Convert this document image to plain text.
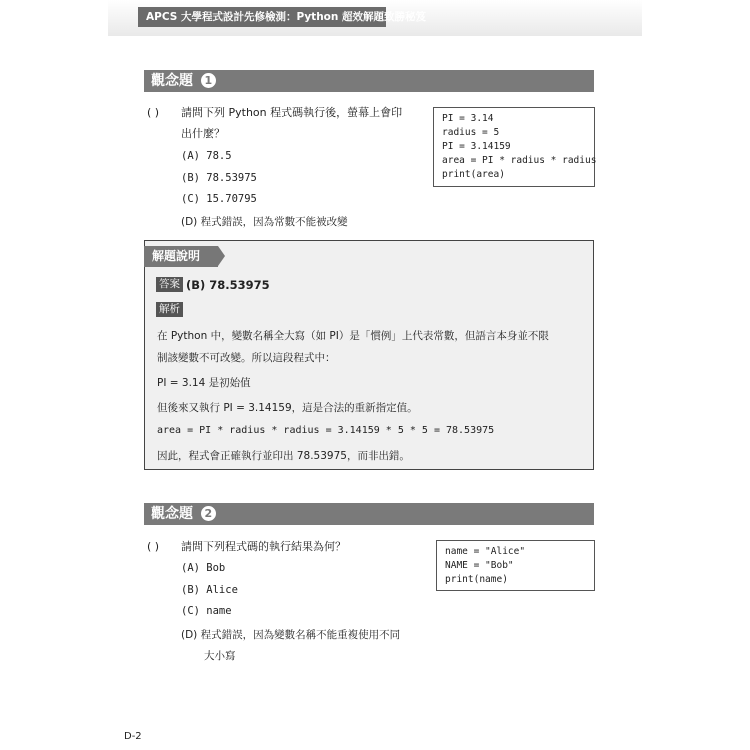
APCS 大學程式設計先修檢測：Python 超效解題致勝秘笈
觀念題 1
( ) 請問下列 Python 程式碼執行後，螢幕上會印
出什麼？
(A) 78.5
(B) 78.53975
(C) 15.70795
(D) 程式錯誤，因為常數不能被改變
PI = 3.14
radius = 5
PI = 3.14159
area = PI * radius * radius
print(area)
解題說明
答案 (B) 78.53975
解析
在 Python 中，變數名稱全大寫（如 PI）是「慣例」上代表常數，但語言本身並不限
制該變數不可改變。所以這段程式中：
PI = 3.14 是初始值
但後來又執行 PI = 3.14159，這是合法的重新指定值。
area = PI * radius * radius = 3.14159 * 5 * 5 = 78.53975
因此，程式會正確執行並印出 78.53975，而非出錯。
觀念題 2
( ) 請問下列程式碼的執行結果為何？
(A) Bob
(B) Alice
(C) name
(D) 程式錯誤，因為變數名稱不能重複使用不同
大小寫
name = "Alice"
NAME = "Bob"
print(name)
D-2
